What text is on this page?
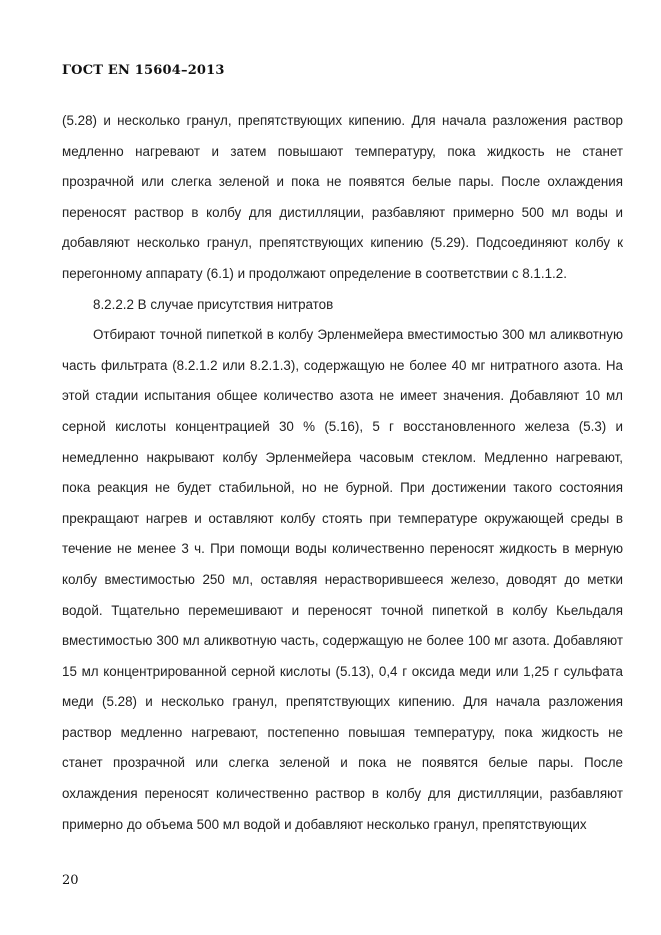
ГОСТ EN 15604–2013

(5.28) и несколько гранул, препятствующих кипению. Для начала разложения раствор медленно нагревают и затем повышают температуру, пока жидкость не станет прозрачной или слегка зеленой и пока не появятся белые пары. После охлаждения переносят раствор в колбу для дистилляции, разбавляют примерно 500 мл воды и добавляют несколько гранул, препятствующих кипению (5.29). Подсоединяют колбу к перегонному аппарату (6.1) и продолжают определение в соответствии с 8.1.1.2.

8.2.2.2 В случае присутствия нитратов

Отбирают точной пипеткой в колбу Эрленмейера вместимостью 300 мл аликвотную часть фильтрата (8.2.1.2 или 8.2.1.3), содержащую не более 40 мг нитратного азота. На этой стадии испытания общее количество азота не имеет значения. Добавляют 10 мл серной кислоты концентрацией 30 % (5.16), 5 г восстановленного железа (5.3) и немедленно накрывают колбу Эрленмейера часовым стеклом. Медленно нагревают, пока реакция не будет стабильной, но не бурной. При достижении такого состояния прекращают нагрев и оставляют колбу стоять при температуре окружающей среды в течение не менее 3 ч. При помощи воды количественно переносят жидкость в мерную колбу вместимостью 250 мл, оставляя нерастворившееся железо, доводят до метки водой. Тщательно перемешивают и переносят точной пипеткой в колбу Кьельдаля вместимостью 300 мл аликвотную часть, содержащую не более 100 мг азота. Добавляют 15 мл концентрированной серной кислоты (5.13), 0,4 г оксида меди или 1,25 г сульфата меди (5.28) и несколько гранул, препятствующих кипению. Для начала разложения раствор медленно нагревают, постепенно повышая температуру, пока жидкость не станет прозрачной или слегка зеленой и пока не появятся белые пары. После охлаждения переносят количественно раствор в колбу для дистилляции, разбавляют примерно до объема 500 мл водой и добавляют несколько гранул, препятствующих

20
